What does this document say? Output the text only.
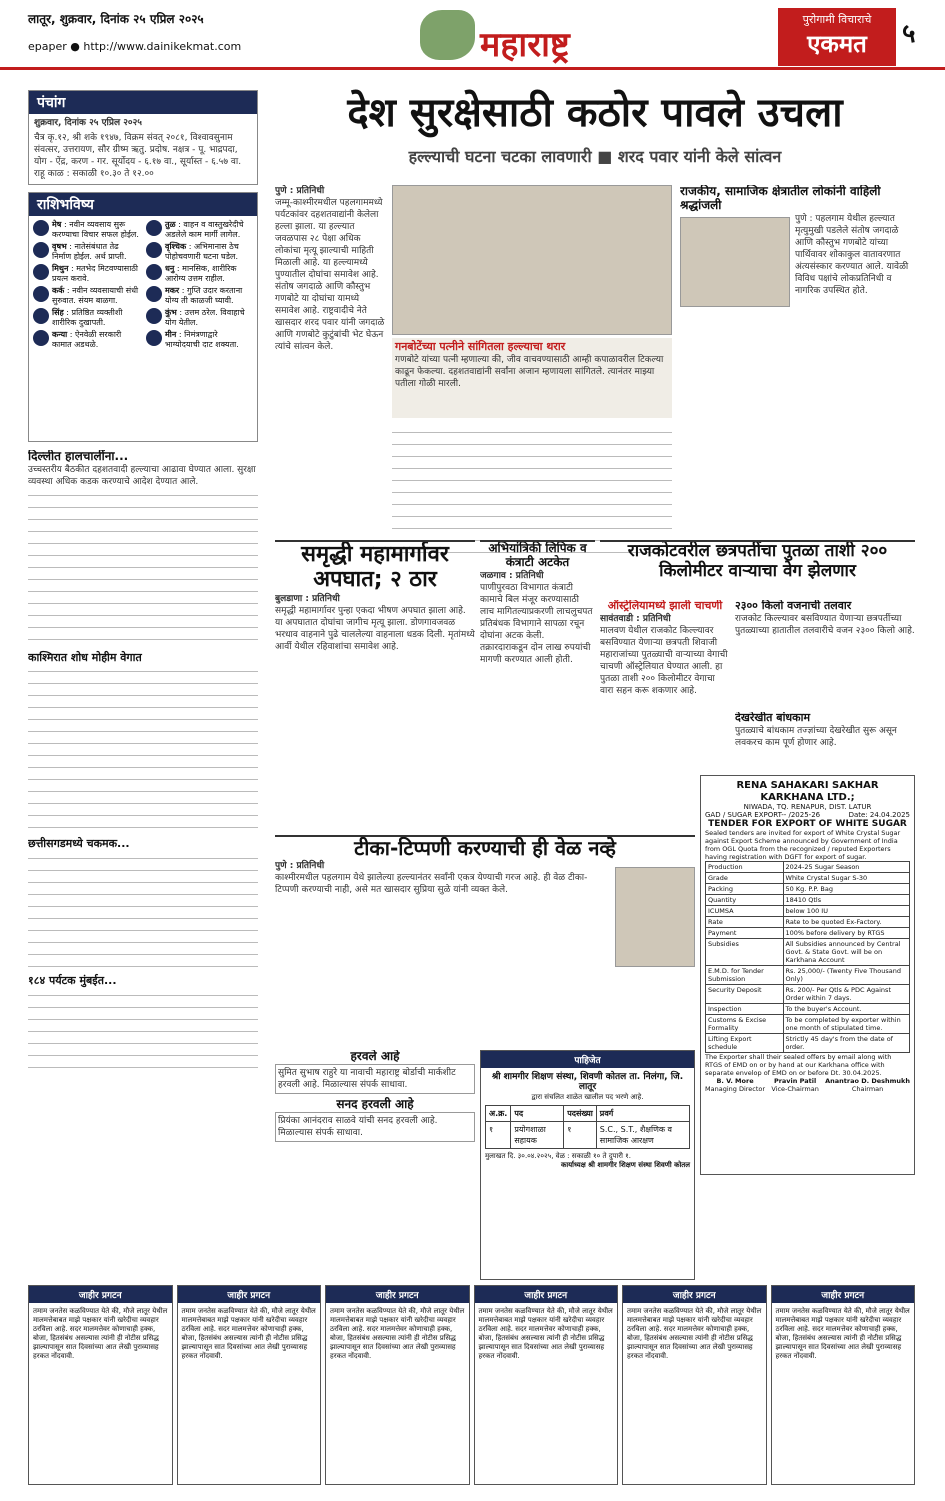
लातूर, शुक्रवार, दिनांक २५ एप्रिल २०२५
epaper ● http://www.dainikekmat.com	महाराष्ट्र
पुरोगामी विचाराचे
एकमत	५
पंचांग
शुक्रवार, दिनांक २५ एप्रिल २०२५
चैत्र कृ.१२, श्री शके १९४७, विक्रम संवत् २०८१, विश्वावसुनाम संवत्सर, उत्तरायण, सौर ग्रीष्म ऋतु. प्रदोष. नक्षत्र - पू. भाद्रपदा, योग - ऐंद्र, करण - गर. सूर्योदय - ६.१७ वा., सूर्यास्त - ६.५७ वा. राहू काळ : सकाळी १०.३० ते १२.००
राशिभविष्य
मेष : नवीन व्यवसाय सुरू करण्याचा विचार सफल होईल.
तुळ : वाहन व वास्तुखरेदीचे अडलेले काम मार्गी लागेल.
वृषभ : नातेसंबंधात तेढ निर्माण होईल. अर्थ प्राप्ती.
वृश्चिक : अभिमानास ठेच पोहोचवणारी घटना घडेल.
मिथुन : मतभेद मिटवण्यासाठी प्रयत्न करावे.
धनु : मानसिक, शारीरिक आरोग्य उत्तम राहील.
कर्क : नवीन व्यवसायाची संधी सुरुवात. संयम बाळगा.
मकर : गुप्ति उदार करताना योग्य ती काळजी घ्यावी.
सिंह : प्रतिष्ठित व्यक्तीशी शारीरिक दुखापती.
कुंभ : उत्तम ठरेल. विवाहाचे योग येतील.
कन्या : ऐनवेळी सरकारी कामात अडथळे.
मीन : निमंत्रणाद्वारे भाग्योदयाची दाट शक्यता.
दिल्लीत हालचालींना...
उच्चस्तरीय बैठकीत दहशतवादी हल्ल्याचा आढावा घेण्यात आला. सुरक्षा व्यवस्था अधिक कडक करण्याचे आदेश देण्यात आले.
काश्मिरात शोध मोहीम वेगात
छत्तीसगडमध्ये चकमक...
१८४ पर्यटक मुंबईत...
देश सुरक्षेसाठी कठोर पावले उचला
हल्ल्याची घटना चटका लावणारी ■ शरद पवार यांनी केले सांत्वन
पुणे : प्रतिनिधी
जम्मू-काश्मीरमधील पहलगाममध्ये पर्यटकांवर दहशतवाद्यांनी केलेला हल्ला झाला. या हल्ल्यात जवळपास २८ पेक्षा अधिक लोकांचा मृत्यू झाल्याची माहिती मिळाली आहे. या हल्ल्यामध्ये पुण्यातील दोघांचा समावेश आहे. संतोष जगदाळे आणि कौस्तुभ गणबोटे या दोघांचा यामध्ये समावेश आहे. राष्ट्रवादीचे नेते खासदार शरद पवार यांनी जगदाळे आणि गणबोटे कुटुंबांची भेट घेऊन त्यांचे सांत्वन केले.	गनबोटेंच्या पत्नीने सांगितला हल्ल्याचा थरार
गणबोटे यांच्या पत्नी म्हणाल्या की, जीव वाचवण्यासाठी आम्ही कपाळावरील टिकल्या काढून फेकल्या. दहशतवाद्यांनी सर्वांना अजान म्हणायला सांगितले. त्यानंतर माझ्या पतीला गोळी मारली.
राजकीय, सामाजिक क्षेत्रातील लोकांनी वाहिली श्रद्धांजली
पुणे : पहलगाम येथील हल्ल्यात मृत्युमुखी पडलेले संतोष जगदाळे आणि कौस्तुभ गणबोटे यांच्या पार्थिवावर शोकाकुल वातावरणात अंत्यसंस्कार करण्यात आले. यावेळी विविध पक्षांचे लोकप्रतिनिधी व नागरिक उपस्थित होते.
समृद्धी महामार्गावर अपघात; २ ठार
बुलडाणा : प्रतिनिधी
समृद्धी महामार्गावर पुन्हा एकदा भीषण अपघात झाला आहे. या अपघातात दोघांचा जागीच मृत्यू झाला. डोणगावजवळ भरधाव वाहनाने पुढे चाललेल्या वाहनाला धडक दिली. मृतांमध्ये आर्वी येथील रहिवाशांचा समावेश आहे.
अभियांत्रिकी लिपिक व कंत्राटी अटकेत
जळगाव : प्रतिनिधी
पाणीपुरवठा विभागात कंत्राटी कामाचे बिल मंजूर करण्यासाठी लाच मागितल्याप्रकरणी लाचलुचपत प्रतिबंधक विभागाने सापळा रचून दोघांना अटक केली. तक्रारदाराकडून दोन लाख रुपयांची मागणी करण्यात आली होती.
राजकोटवरील छत्रपतींचा पुतळा ताशी २०० किलोमीटर वाऱ्याचा वेग झेलणार
ऑस्ट्रेलियामध्ये झाली चाचणी
सावंतवाडी : प्रतिनिधी
मालवण येथील राजकोट किल्ल्यावर बसविण्यात येणाऱ्या छत्रपती शिवाजी महाराजांच्या पुतळ्याची वाऱ्याच्या वेगाची चाचणी ऑस्ट्रेलियात घेण्यात आली. हा पुतळा ताशी २०० किलोमीटर वेगाचा वारा सहन करू शकणार आहे.
२३०० किलो वजनाची तलवार
राजकोट किल्ल्यावर बसविण्यात येणाऱ्या छत्रपतींच्या पुतळ्याच्या हातातील तलवारीचे वजन २३०० किलो आहे.
देखरेखीत बांधकाम
पुतळ्याचे बांधकाम तज्ज्ञांच्या देखरेखीत सुरू असून लवकरच काम पूर्ण होणार आहे.
RENA SAHAKARI SAKHAR KARKHANA LTD.;
NIWADA, TQ. RENAPUR, DIST. LATUR
GAD / SUGAR EXPORT-- /2025-26	Date: 24.04.2025
TENDER FOR EXPORT OF WHITE SUGAR
Sealed tenders are invited for export of White Crystal Sugar against Export Scheme announced by Government of India from OGL Quota from the recognized / reputed Exporters having registration with DGFT for export of sugar.
Production	2024-25 Sugar Season
Grade	White Crystal Sugar S-30
Packing	50 Kg. P.P. Bag
Quantity	18410 Qtls
ICUMSA	below 100 IU
Rate	Rate to be quoted Ex-Factory.
Payment	100% before delivery by RTGS
Subsidies	All Subsidies announced by Central Govt. & State Govt. will be on Karkhana Account
E.M.D. for Tender Submission	Rs. 25,000/- (Twenty Five Thousand Only)
Security Deposit	Rs. 200/- Per Qtls & PDC Against Order within 7 days.
Inspection	To the buyer's Account.
Customs & Excise Formality	To be completed by exporter within one month of stipulated time.
Lifting Export schedule	Strictly 45 day's from the date of order.
The Exporter shall their sealed offers by email along with RTGS of EMD on or by hand at our Karkhana office with separate envelop of EMD on or before Dt. 30.04.2025.
B. V. More
Managing Director
Pravin Patil
Vice-Chairman
Anantrao D. Deshmukh
Chairman
टीका-टिप्पणी करण्याची ही वेळ नव्हे
पुणे : प्रतिनिधी
काश्मीरमधील पहलगाम येथे झालेल्या हल्ल्यानंतर सर्वांनी एकत्र येण्याची गरज आहे. ही वेळ टीका-टिप्पणी करण्याची नाही, असे मत खासदार सुप्रिया सुळे यांनी व्यक्त केले.
हरवले आहे
सुमित सुभाष राहुरे या नावाची महाराष्ट्र बोर्डाची मार्कशीट हरवली आहे. मिळाल्यास संपर्क साधावा.
सनद हरवली आहे
प्रियंका आनंदराव साळवे यांची सनद हरवली आहे. मिळाल्यास संपर्क साधावा.
पाहिजेत
श्री शामगीर शिक्षण संस्था, शिवणी कोतल ता. निलंगा, जि. लातूर
द्वारा संचलित शाळेत खालील पद भरणे आहे.
अ.क्र.	पद	पदसंख्या	प्रवर्ग
१	प्रयोगशाळा सहायक	१	S.C., S.T., शैक्षणिक व सामाजिक आरक्षण
मुलाखत दि. ३०.०४.२०२५, वेळ : सकाळी १० ते दुपारी १.
कार्याध्यक्ष श्री शामगीर शिक्षण संस्था शिवणी कोतल
जाहीर प्रगटन
तमाम जनतेस कळविण्यात येते की, मौजे लातूर येथील मालमत्तेबाबत माझे पक्षकार यांनी खरेदीचा व्यवहार ठरविला आहे. सदर मालमत्तेवर कोणाचाही हक्क, बोजा, हितसंबंध असल्यास त्यांनी ही नोटीस प्रसिद्ध झाल्यापासून सात दिवसांच्या आत लेखी पुराव्यासह हरकत नोंदवावी.
जाहीर प्रगटन
तमाम जनतेस कळविण्यात येते की, मौजे लातूर येथील मालमत्तेबाबत माझे पक्षकार यांनी खरेदीचा व्यवहार ठरविला आहे. सदर मालमत्तेवर कोणाचाही हक्क, बोजा, हितसंबंध असल्यास त्यांनी ही नोटीस प्रसिद्ध झाल्यापासून सात दिवसांच्या आत लेखी पुराव्यासह हरकत नोंदवावी.
जाहीर प्रगटन
तमाम जनतेस कळविण्यात येते की, मौजे लातूर येथील मालमत्तेबाबत माझे पक्षकार यांनी खरेदीचा व्यवहार ठरविला आहे. सदर मालमत्तेवर कोणाचाही हक्क, बोजा, हितसंबंध असल्यास त्यांनी ही नोटीस प्रसिद्ध झाल्यापासून सात दिवसांच्या आत लेखी पुराव्यासह हरकत नोंदवावी.
जाहीर प्रगटन
तमाम जनतेस कळविण्यात येते की, मौजे लातूर येथील मालमत्तेबाबत माझे पक्षकार यांनी खरेदीचा व्यवहार ठरविला आहे. सदर मालमत्तेवर कोणाचाही हक्क, बोजा, हितसंबंध असल्यास त्यांनी ही नोटीस प्रसिद्ध झाल्यापासून सात दिवसांच्या आत लेखी पुराव्यासह हरकत नोंदवावी.
जाहीर प्रगटन
तमाम जनतेस कळविण्यात येते की, मौजे लातूर येथील मालमत्तेबाबत माझे पक्षकार यांनी खरेदीचा व्यवहार ठरविला आहे. सदर मालमत्तेवर कोणाचाही हक्क, बोजा, हितसंबंध असल्यास त्यांनी ही नोटीस प्रसिद्ध झाल्यापासून सात दिवसांच्या आत लेखी पुराव्यासह हरकत नोंदवावी.
जाहीर प्रगटन
तमाम जनतेस कळविण्यात येते की, मौजे लातूर येथील मालमत्तेबाबत माझे पक्षकार यांनी खरेदीचा व्यवहार ठरविला आहे. सदर मालमत्तेवर कोणाचाही हक्क, बोजा, हितसंबंध असल्यास त्यांनी ही नोटीस प्रसिद्ध झाल्यापासून सात दिवसांच्या आत लेखी पुराव्यासह हरकत नोंदवावी.
